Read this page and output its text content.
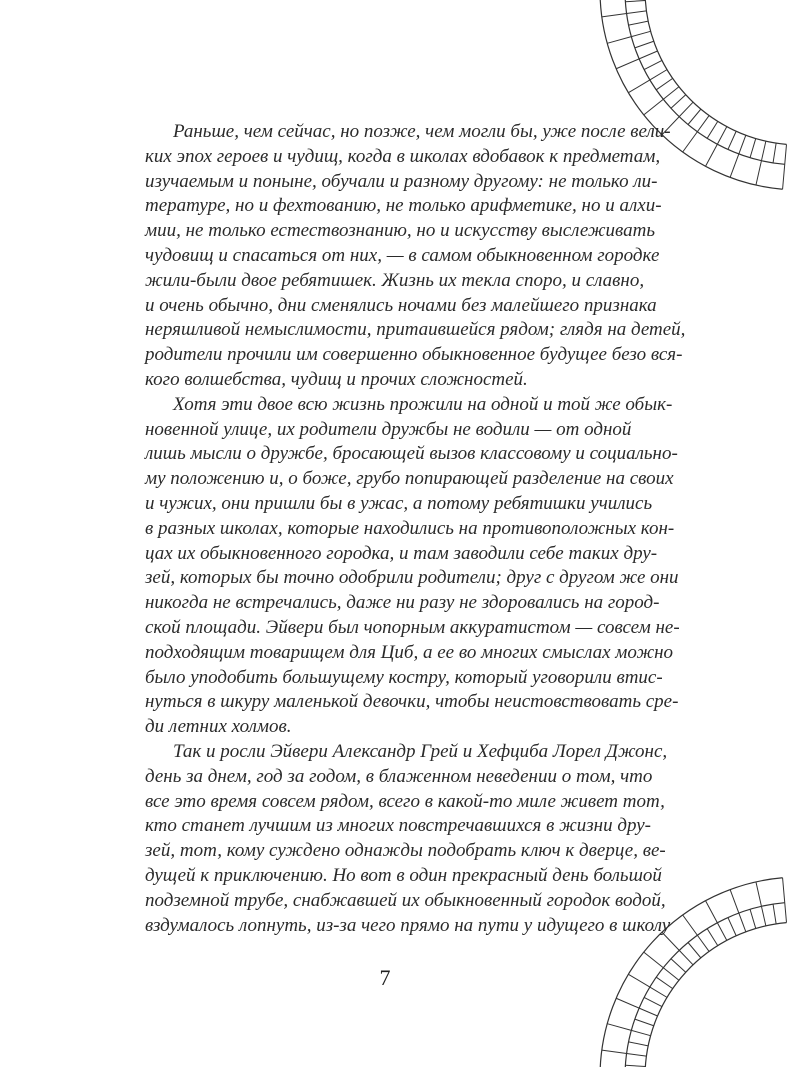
Раньше, чем сейчас, но позже, чем могли бы, уже после вели-
ких эпох героев и чудищ, когда в школах вдобавок к предметам,
изучаемым и поныне, обучали и разному другому: не только ли-
тературе, но и фехтованию, не только арифметике, но и алхи-
мии, не только естествознанию, но и искусству выслеживать
чудовищ и спасаться от них, — в самом обыкновенном городке
жили-были двое ребятишек. Жизнь их текла споро, и славно,
и очень обычно, дни сменялись ночами без малейшего признака
неряшливой немыслимости, притаившейся рядом; глядя на детей,
родители прочили им совершенно обыкновенное будущее безо вся-
кого волшебства, чудищ и прочих сложностей.
Хотя эти двое всю жизнь прожили на одной и той же обык-
новенной улице, их родители дружбы не водили — от одной
лишь мысли о дружбе, бросающей вызов классовому и социально-
му положению и, о боже, грубо попирающей разделение на своих
и чужих, они пришли бы в ужас, а потому ребятишки учились
в разных школах, которые находились на противоположных кон-
цах их обыкновенного городка, и там заводили себе таких дру-
зей, которых бы точно одобрили родители; друг с другом же они
никогда не встречались, даже ни разу не здоровались на город-
ской площади. Эйвери был чопорным аккуратистом — совсем не-
подходящим товарищем для Циб, а ее во многих смыслах можно
было уподобить большущему костру, который уговорили втис-
нуться в шкуру маленькой девочки, чтобы неистовствовать сре-
ди летних холмов.
Так и росли Эйвери Александр Грей и Хефциба Лорел Джонс,
день за днем, год за годом, в блаженном неведении о том, что
все это время совсем рядом, всего в какой-то миле живет тот,
кто станет лучшим из многих повстречавшихся в жизни дру-
зей, тот, кому суждено однажды подобрать ключ к дверце, ве-
дущей к приключению. Но вот в один прекрасный день большой
подземной трубе, снабжавшей их обыкновенный городок водой,
вздумалось лопнуть, из-за чего прямо на пути у идущего в школу
7
